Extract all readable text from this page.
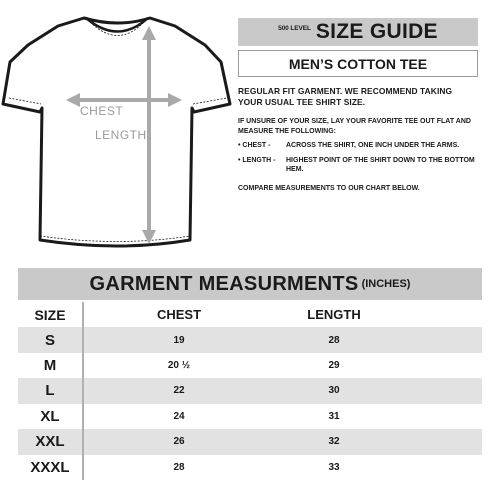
CHEST
LENGTH
500 LEVEL
SIZE GUIDE
MEN’S COTTON TEE
REGULAR FIT GARMENT. WE RECOMMEND TAKING YOUR USUAL TEE SHIRT SIZE.
IF UNSURE OF YOUR SIZE, LAY YOUR FAVORITE TEE OUT FLAT AND MEASURE THE FOLLOWING:
• CHEST -	ACROSS THE SHIRT, ONE INCH UNDER THE ARMS.
• LENGTH -	HIGHEST POINT OF THE SHIRT DOWN TO THE BOTTOM HEM.
COMPARE MEASUREMENTS TO OUR CHART BELOW.
GARMENT MEASURMENTS (INCHES)
SIZE	CHEST	LENGTH
S	19	28
M	20 ½	29
L	22	30
XL	24	31
XXL	26	32
XXXL	28	33
